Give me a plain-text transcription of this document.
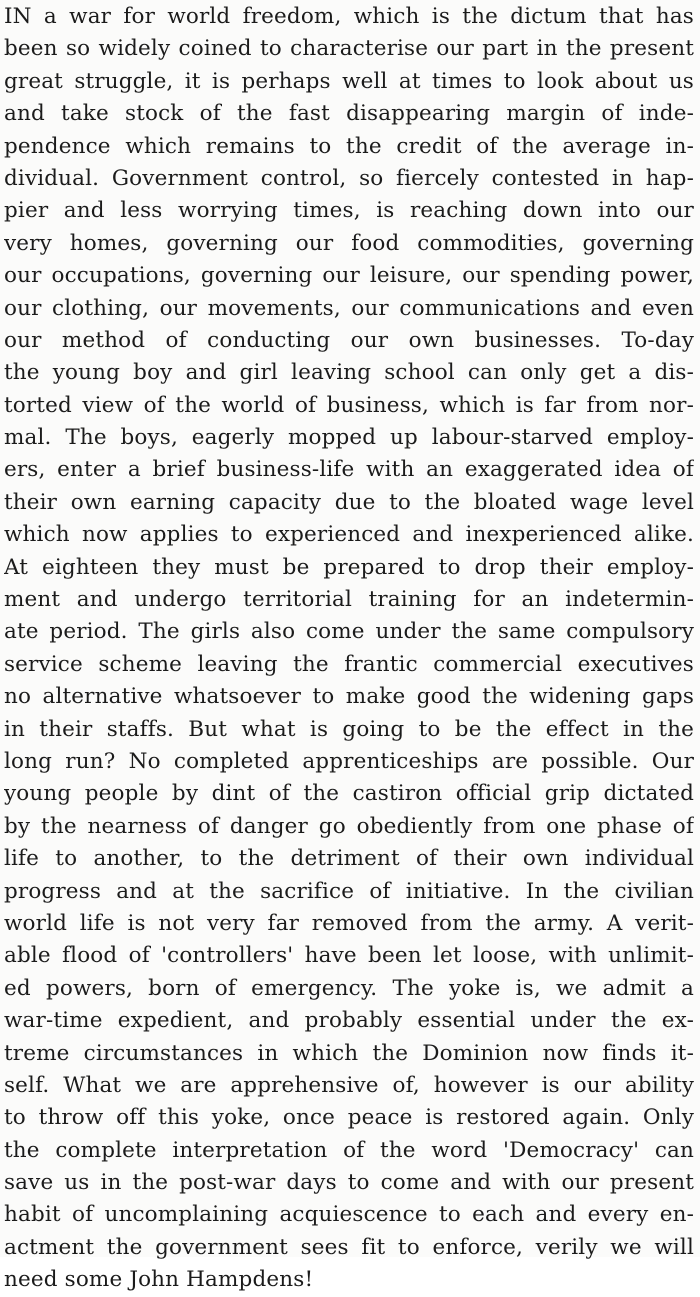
IN a war for world freedom, which is the dictum that has
been so widely coined to characterise our part in the present
great struggle, it is perhaps well at times to look about us
and take stock of the fast disappearing margin of inde-
pendence which remains to the credit of the average in-
dividual. Government control, so fiercely contested in hap-
pier and less worrying times, is reaching down into our
very homes, governing our food commodities, governing
our occupations, governing our leisure, our spending power,
our clothing, our movements, our communications and even
our method of conducting our own businesses. To-day
the young boy and girl leaving school can only get a dis-
torted view of the world of business, which is far from nor-
mal. The boys, eagerly mopped up labour-starved employ-
ers, enter a brief business-life with an exaggerated idea of
their own earning capacity due to the bloated wage level
which now applies to experienced and inexperienced alike.
At eighteen they must be prepared to drop their employ-
ment and undergo territorial training for an indetermin-
ate period. The girls also come under the same compulsory
service scheme leaving the frantic commercial executives
no alternative whatsoever to make good the widening gaps
in their staffs. But what is going to be the effect in the
long run? No completed apprenticeships are possible. Our
young people by dint of the castiron official grip dictated
by the nearness of danger go obediently from one phase of
life to another, to the detriment of their own individual
progress and at the sacrifice of initiative. In the civilian
world life is not very far removed from the army. A verit-
able flood of 'controllers' have been let loose, with unlimit-
ed powers, born of emergency. The yoke is, we admit a
war-time expedient, and probably essential under the ex-
treme circumstances in which the Dominion now finds it-
self. What we are apprehensive of, however is our ability
to throw off this yoke, once peace is restored again. Only
the complete interpretation of the word 'Democracy' can
save us in the post-war days to come and with our present
habit of uncomplaining acquiescence to each and every en-
actment the government sees fit to enforce, verily we will
need some John Hampdens!
